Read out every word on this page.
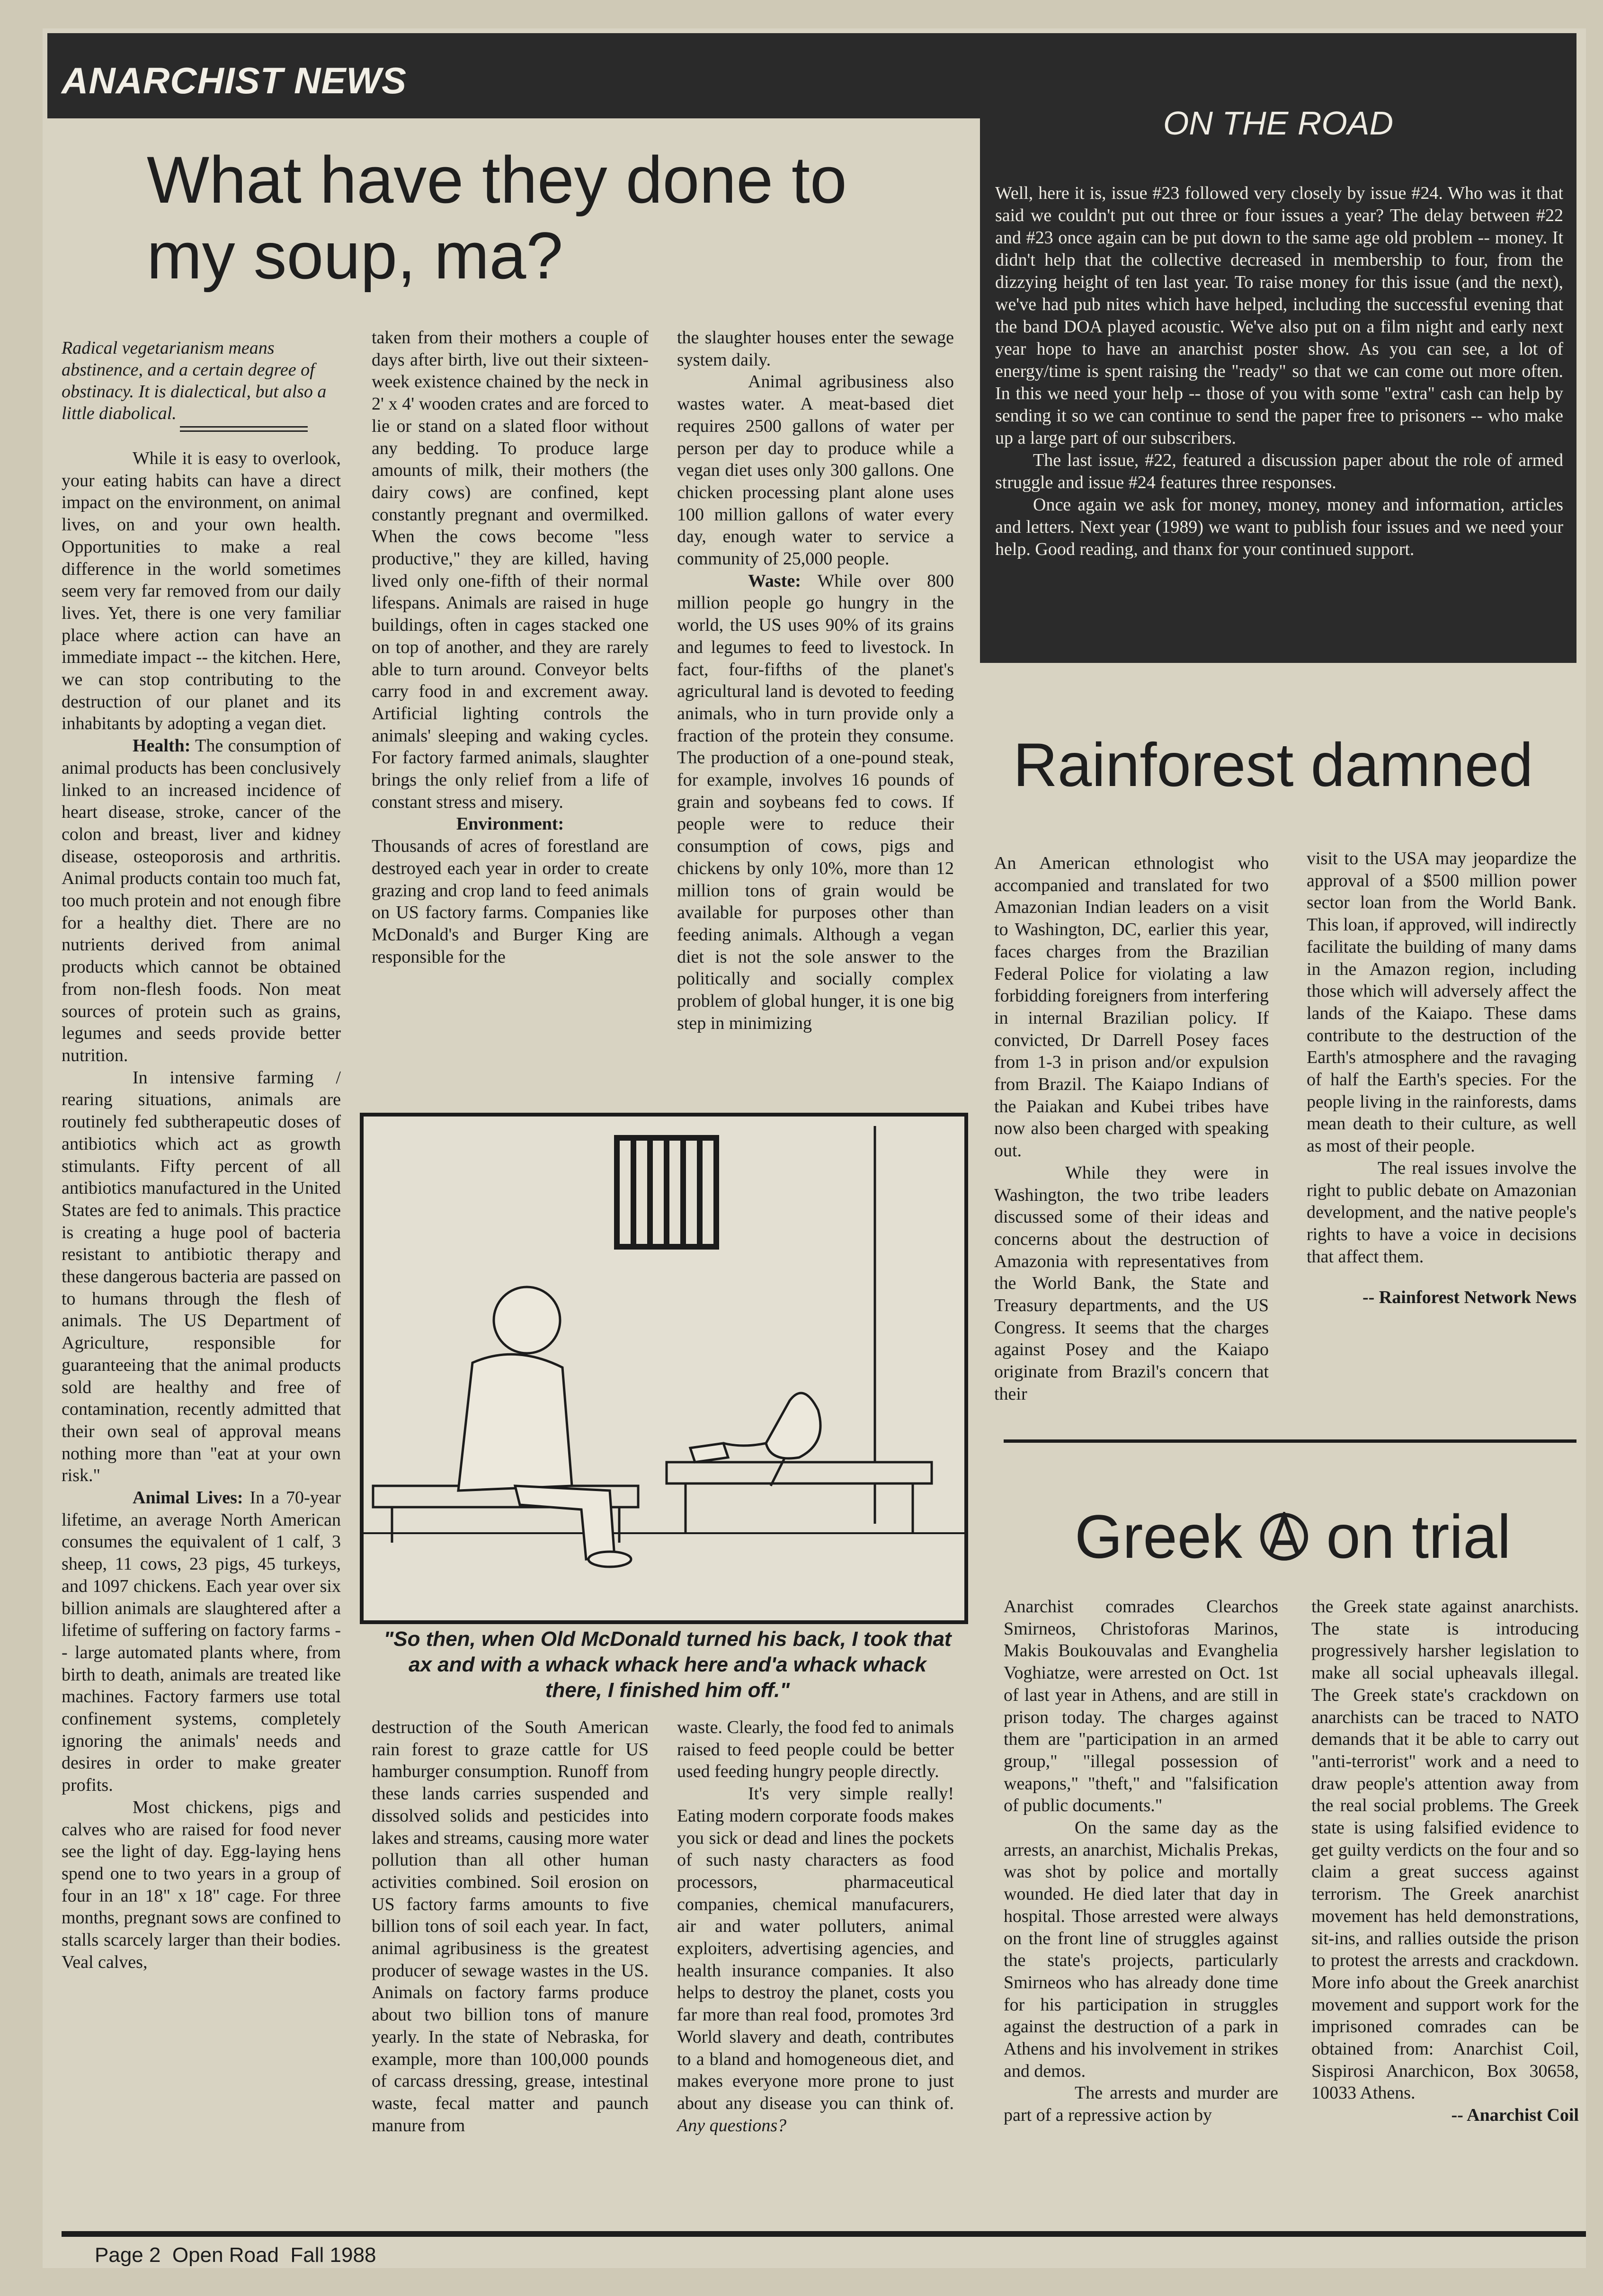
ANARCHIST NEWS
ON THE ROAD

Well, here it is, issue #23 followed very closely by issue #24. Who was it that said we couldn't put out three or four issues a year? The delay between #22 and #23 once again can be put down to the same age old problem -- money. It didn't help that the collective decreased in membership to four, from the dizzying height of ten last year. To raise money for this issue (and the next), we've had pub nites which have helped, including the successful evening that the band DOA played acoustic. We've also put on a film night and early next year hope to have an anarchist poster show. As you can see, a lot of energy/time is spent raising the "ready" so that we can come out more often. In this we need your help -- those of you with some "extra" cash can help by sending it so we can continue to send the paper free to prisoners -- who make up a large part of our subscribers.

The last issue, #22, featured a discussion paper about the role of armed struggle and issue #24 features three responses.

Once again we ask for money, money, money and information, articles and letters. Next year (1989) we want to publish four issues and we need your help. Good reading, and thanx for your continued support.

What have they done to my soup, ma?
Radical vegetarianism means abstinence, and a certain degree of obstinacy. It is dialectical, but also a little diabolical.

While it is easy to overlook, your eating habits can have a direct impact on the environment, on animal lives, on and your own health. Opportunities to make a real difference in the world sometimes seem very far removed from our daily lives. Yet, there is one very familiar place where action can have an immediate impact -- the kitchen. Here, we can stop contributing to the destruction of our planet and its inhabitants by adopting a vegan diet.

Health: The consumption of animal products has been conclusively linked to an increased incidence of heart disease, stroke, cancer of the colon and breast, liver and kidney disease, osteoporosis and arthritis. Animal products contain too much fat, too much protein and not enough fibre for a healthy diet. There are no nutrients derived from animal products which cannot be obtained from non-flesh foods. Non meat sources of protein such as grains, legumes and seeds provide better nutrition.

In intensive farming / rearing situations, animals are routinely fed subtherapeutic doses of antibiotics which act as growth stimulants. Fifty percent of all antibiotics manufactured in the United States are fed to animals. This practice is creating a huge pool of bacteria resistant to antibiotic therapy and these dangerous bacteria are passed on to humans through the flesh of animals. The US Department of Agriculture, responsible for guaranteeing that the animal products sold are healthy and free of contamination, recently admitted that their own seal of approval means nothing more than "eat at your own risk."

Animal Lives: In a 70-year lifetime, an average North American consumes the equivalent of 1 calf, 3 sheep, 11 cows, 23 pigs, 45 turkeys, and 1097 chickens. Each year over six billion animals are slaughtered after a lifetime of suffering on factory farms -- large automated plants where, from birth to death, animals are treated like machines. Factory farmers use total confinement systems, completely ignoring the animals' needs and desires in order to make greater profits.

Most chickens, pigs and calves who are raised for food never see the light of day. Egg-laying hens spend one to two years in a group of four in an 18" x 18" cage. For three months, pregnant sows are confined to stalls scarcely larger than their bodies. Veal calves,

taken from their mothers a couple of days after birth, live out their sixteen-week existence chained by the neck in 2' x 4' wooden crates and are forced to lie or stand on a slated floor without any bedding. To produce large amounts of milk, their mothers (the dairy cows) are confined, kept constantly pregnant and overmilked. When the cows become "less productive," they are killed, having lived only one-fifth of their normal lifespans. Animals are raised in huge buildings, often in cages stacked one on top of another, and they are rarely able to turn around. Conveyor belts carry food in and excrement away. Artificial lighting controls the animals' sleeping and waking cycles. For factory farmed animals, slaughter brings the only relief from a life of constant stress and misery.

Environment:

Thousands of acres of forestland are destroyed each year in order to create grazing and crop land to feed animals on US factory farms. Companies like McDonald's and Burger King are responsible for the

the slaughter houses enter the sewage system daily.

Animal agribusiness also wastes water. A meat-based diet requires 2500 gallons of water per person per day to produce while a vegan diet uses only 300 gallons. One chicken processing plant alone uses 100 million gallons of water every day, enough water to service a community of 25,000 people.

Waste: While over 800 million people go hungry in the world, the US uses 90% of its grains and legumes to feed to livestock. In fact, four-fifths of the planet's agricultural land is devoted to feeding animals, who in turn provide only a fraction of the protein they consume. The production of a one-pound steak, for example, involves 16 pounds of grain and soybeans fed to cows. If people were to reduce their consumption of cows, pigs and chickens by only 10%, more than 12 million tons of grain would be available for purposes other than feeding animals. Although a vegan diet is not the sole answer to the politically and socially complex problem of global hunger, it is one big step in minimizing

"So then, when Old McDonald turned his back, I took that ax and with a whack whack here and'a whack whack there, I finished him off."

destruction of the South American rain forest to graze cattle for US hamburger consumption. Runoff from these lands carries suspended and dissolved solids and pesticides into lakes and streams, causing more water pollution than all other human activities combined. Soil erosion on US factory farms amounts to five billion tons of soil each year. In fact, animal agribusiness is the greatest producer of sewage wastes in the US. Animals on factory farms produce about two billion tons of manure yearly. In the state of Nebraska, for example, more than 100,000 pounds of carcass dressing, grease, intestinal waste, fecal matter and paunch manure from

waste. Clearly, the food fed to animals raised to feed people could be better used feeding hungry people directly.

It's very simple really! Eating modern corporate foods makes you sick or dead and lines the pockets of such nasty characters as food processors, pharmaceutical companies, chemical manufacurers, air and water polluters, animal exploiters, advertising agencies, and health insurance companies. It also helps to destroy the planet, costs you far more than real food, promotes 3rd World slavery and death, contributes to a bland and homogeneous diet, and makes everyone more prone to just about any disease you can think of. Any questions?

Rainforest damned

An American ethnologist who accompanied and translated for two Amazonian Indian leaders on a visit to Washington, DC, earlier this year, faces charges from the Brazilian Federal Police for violating a law forbidding foreigners from interfering in internal Brazilian policy. If convicted, Dr Darrell Posey faces from 1-3 in prison and/or expulsion from Brazil. The Kaiapo Indians of the Paiakan and Kubei tribes have now also been charged with speaking out.

While they were in Washington, the two tribe leaders discussed some of their ideas and concerns about the destruction of Amazonia with representatives from the World Bank, the State and Treasury departments, and the US Congress. It seems that the charges against Posey and the Kaiapo originate from Brazil's concern that their

visit to the USA may jeopardize the approval of a $500 million power sector loan from the World Bank. This loan, if approved, will indirectly facilitate the building of many dams in the Amazon region, including those which will adversely affect the lands of the Kaiapo. These dams contribute to the destruction of the Earth's atmosphere and the ravaging of half the Earth's species. For the people living in the rainforests, dams mean death to their culture, as well as most of their people.

The real issues involve the right to public debate on Amazonian development, and the native people's rights to have a voice in decisions that affect them.

-- Rainforest Network News
Greek on trial

Anarchist comrades Clearchos Smirneos, Christoforas Marinos, Makis Boukouvalas and Evanghelia Voghiatze, were arrested on Oct. 1st of last year in Athens, and are still in prison today. The charges against them are "participation in an armed group," "illegal possession of weapons," "theft," and "falsification of public documents."

On the same day as the arrests, an anarchist, Michalis Prekas, was shot by police and mortally wounded. He died later that day in hospital. Those arrested were always on the front line of struggles against the state's projects, particularly Smirneos who has already done time for his participation in struggles against the destruction of a park in Athens and his involvement in strikes and demos.

The arrests and murder are part of a repressive action by

the Greek state against anarchists. The state is introducing progressively harsher legislation to make all social upheavals illegal. The Greek state's crackdown on anarchists can be traced to NATO demands that it be able to carry out "anti-terrorist" work and a need to draw people's attention away from the real social problems. The Greek state is using falsified evidence to get guilty verdicts on the four and so claim a great success against terrorism. The Greek anarchist movement has held demonstrations, sit-ins, and rallies outside the prison to protest the arrests and crackdown. More info about the Greek anarchist movement and support work for the imprisoned comrades can be obtained from: Anarchist Coil, Sispirosi Anarchicon, Box 30658, 10033 Athens.

-- Anarchist Coil
Page 2  Open Road  Fall 1988
